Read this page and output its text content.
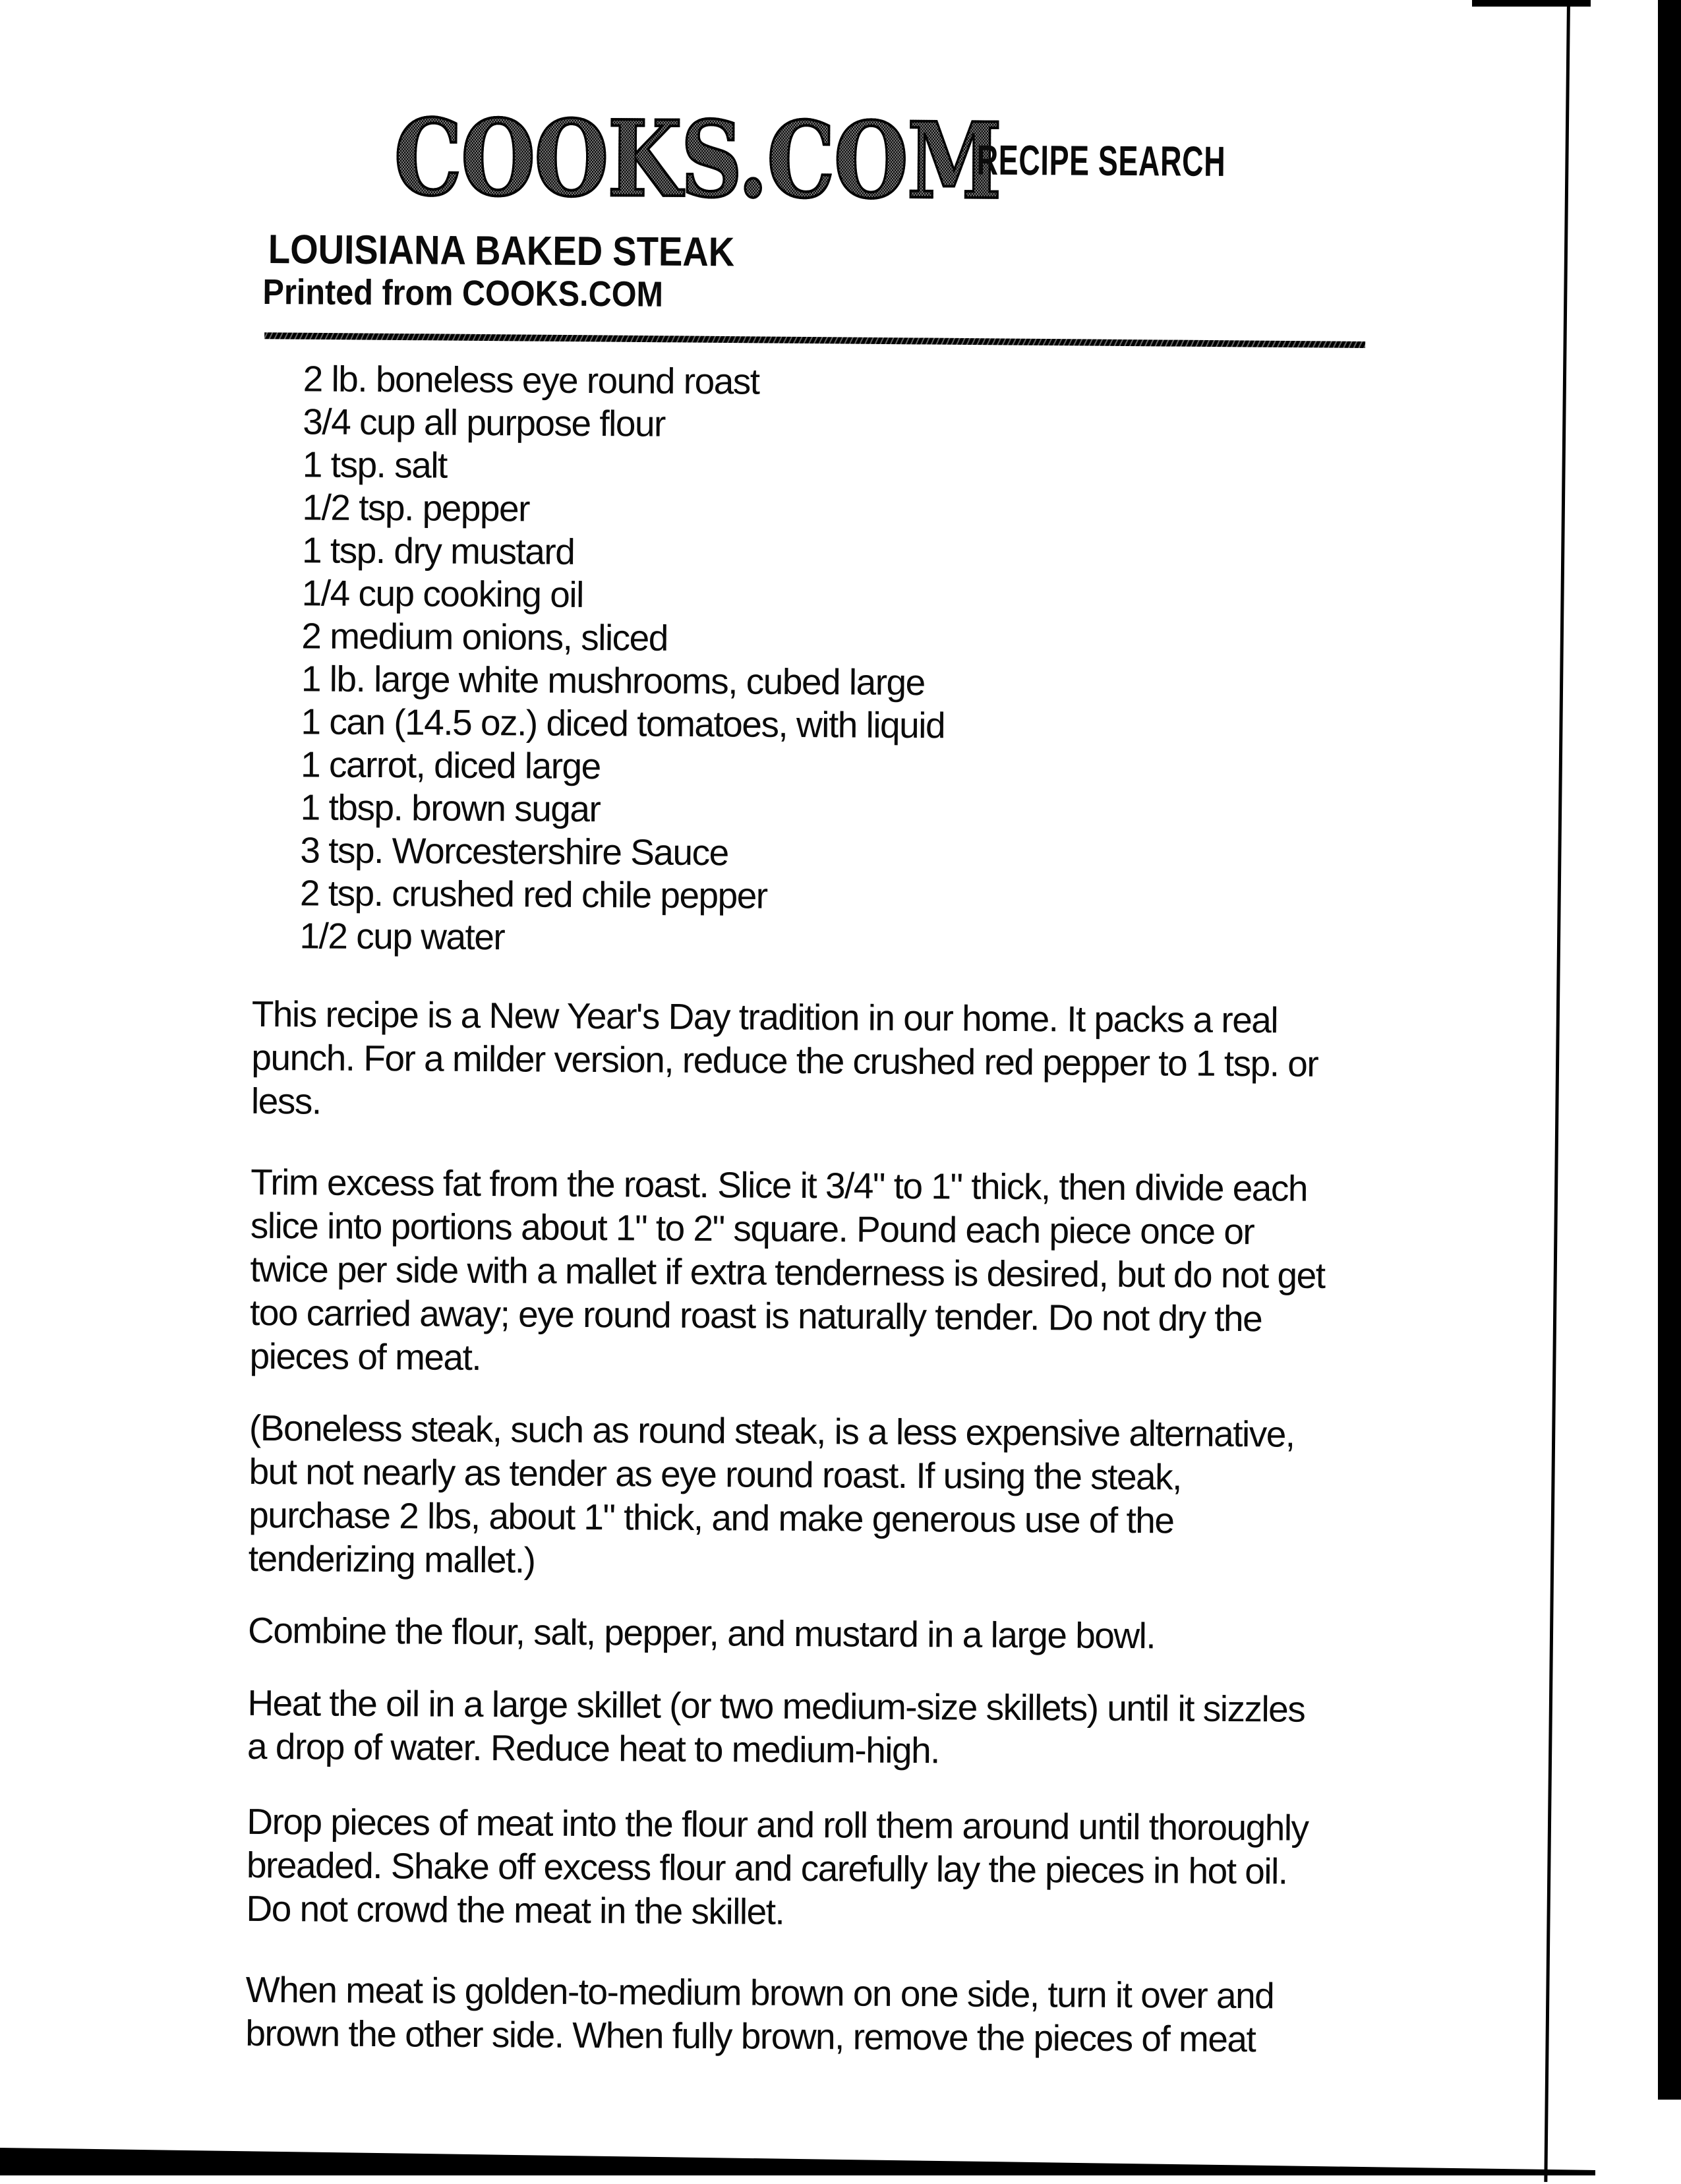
COOKS.COM
RECIPE SEARCH
LOUISIANA BAKED STEAK
Printed from COOKS.COM
2 lb. boneless eye round roast
3/4 cup all purpose flour
1 tsp. salt
1/2 tsp. pepper
1 tsp. dry mustard
1/4 cup cooking oil
2 medium onions, sliced
1 lb. large white mushrooms, cubed large
1 can (14.5 oz.) diced tomatoes, with liquid
1 carrot, diced large
1 tbsp. brown sugar
3 tsp. Worcestershire Sauce
2 tsp. crushed red chile pepper
1/2 cup water
This recipe is a New Year's Day tradition in our home. It packs a real
punch. For a milder version, reduce the crushed red pepper to 1 tsp. or
less.
Trim excess fat from the roast. Slice it 3/4" to 1" thick, then divide each
slice into portions about 1" to 2" square. Pound each piece once or
twice per side with a mallet if extra tenderness is desired, but do not get
too carried away; eye round roast is naturally tender. Do not dry the
pieces of meat.
(Boneless steak, such as round steak, is a less expensive alternative,
but not nearly as tender as eye round roast. If using the steak,
purchase 2 lbs, about 1" thick, and make generous use of the
tenderizing mallet.)
Combine the flour, salt, pepper, and mustard in a large bowl.
Heat the oil in a large skillet (or two medium-size skillets) until it sizzles
a drop of water. Reduce heat to medium-high.
Drop pieces of meat into the flour and roll them around until thoroughly
breaded. Shake off excess flour and carefully lay the pieces in hot oil.
Do not crowd the meat in the skillet.
When meat is golden-to-medium brown on one side, turn it over and
brown the other side. When fully brown, remove the pieces of meat
